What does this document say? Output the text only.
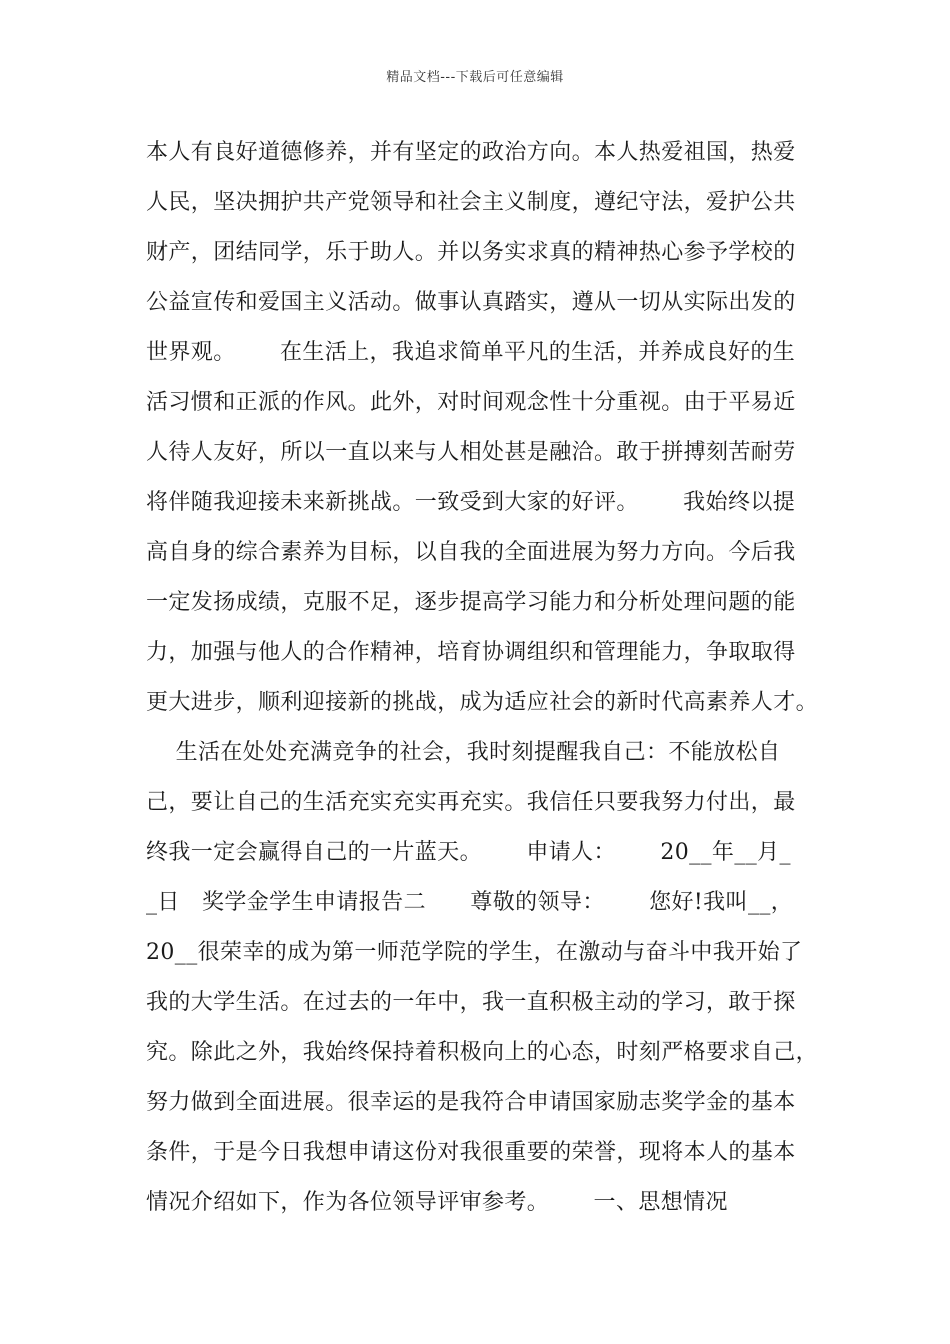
精品文档---下载后可任意编辑
本人有良好道德修养，并有坚定的政治方向。本人热爱祖国，热爱
人民，坚决拥护共产党领导和社会主义制度，遵纪守法，爱护公共
财产，团结同学，乐于助人。并以务实求真的精神热心参予学校的
公益宣传和爱国主义活动。做事认真踏实，遵从一切从实际出发的
世界观。      在生活上，我追求简单平凡的生活，并养成良好的生
活习惯和正派的作风。此外，对时间观念性十分重视。由于平易近
人待人友好，所以一直以来与人相处甚是融洽。敢于拼搏刻苦耐劳
将伴随我迎接未来新挑战。一致受到大家的好评。      我始终以提
高自身的综合素养为目标，以自我的全面进展为努力方向。今后我
一定发扬成绩，克服不足，逐步提高学习能力和分析处理问题的能
力，加强与他人的合作精神，培育协调组织和管理能力，争取取得
更大进步，顺利迎接新的挑战，成为适应社会的新时代高素养人才。
生活在处处充满竞争的社会，我时刻提醒我自己：不能放松自
己，要让自己的生活充实充实再充实。我信任只要我努力付出，最
终我一定会赢得自己的一片蓝天。      申请人：      20__年__月_
_日   奖学金学生申请报告二      尊敬的领导：      您好!我叫__，
20__很荣幸的成为第一师范学院的学生，在激动与奋斗中我开始了
我的大学生活。在过去的一年中，我一直积极主动的学习，敢于探
究。除此之外，我始终保持着积极向上的心态，时刻严格要求自己，
努力做到全面进展。很幸运的是我符合申请国家励志奖学金的基本
条件，于是今日我想申请这份对我很重要的荣誉，现将本人的基本
情况介绍如下，作为各位领导评审参考。      一、思想情况
